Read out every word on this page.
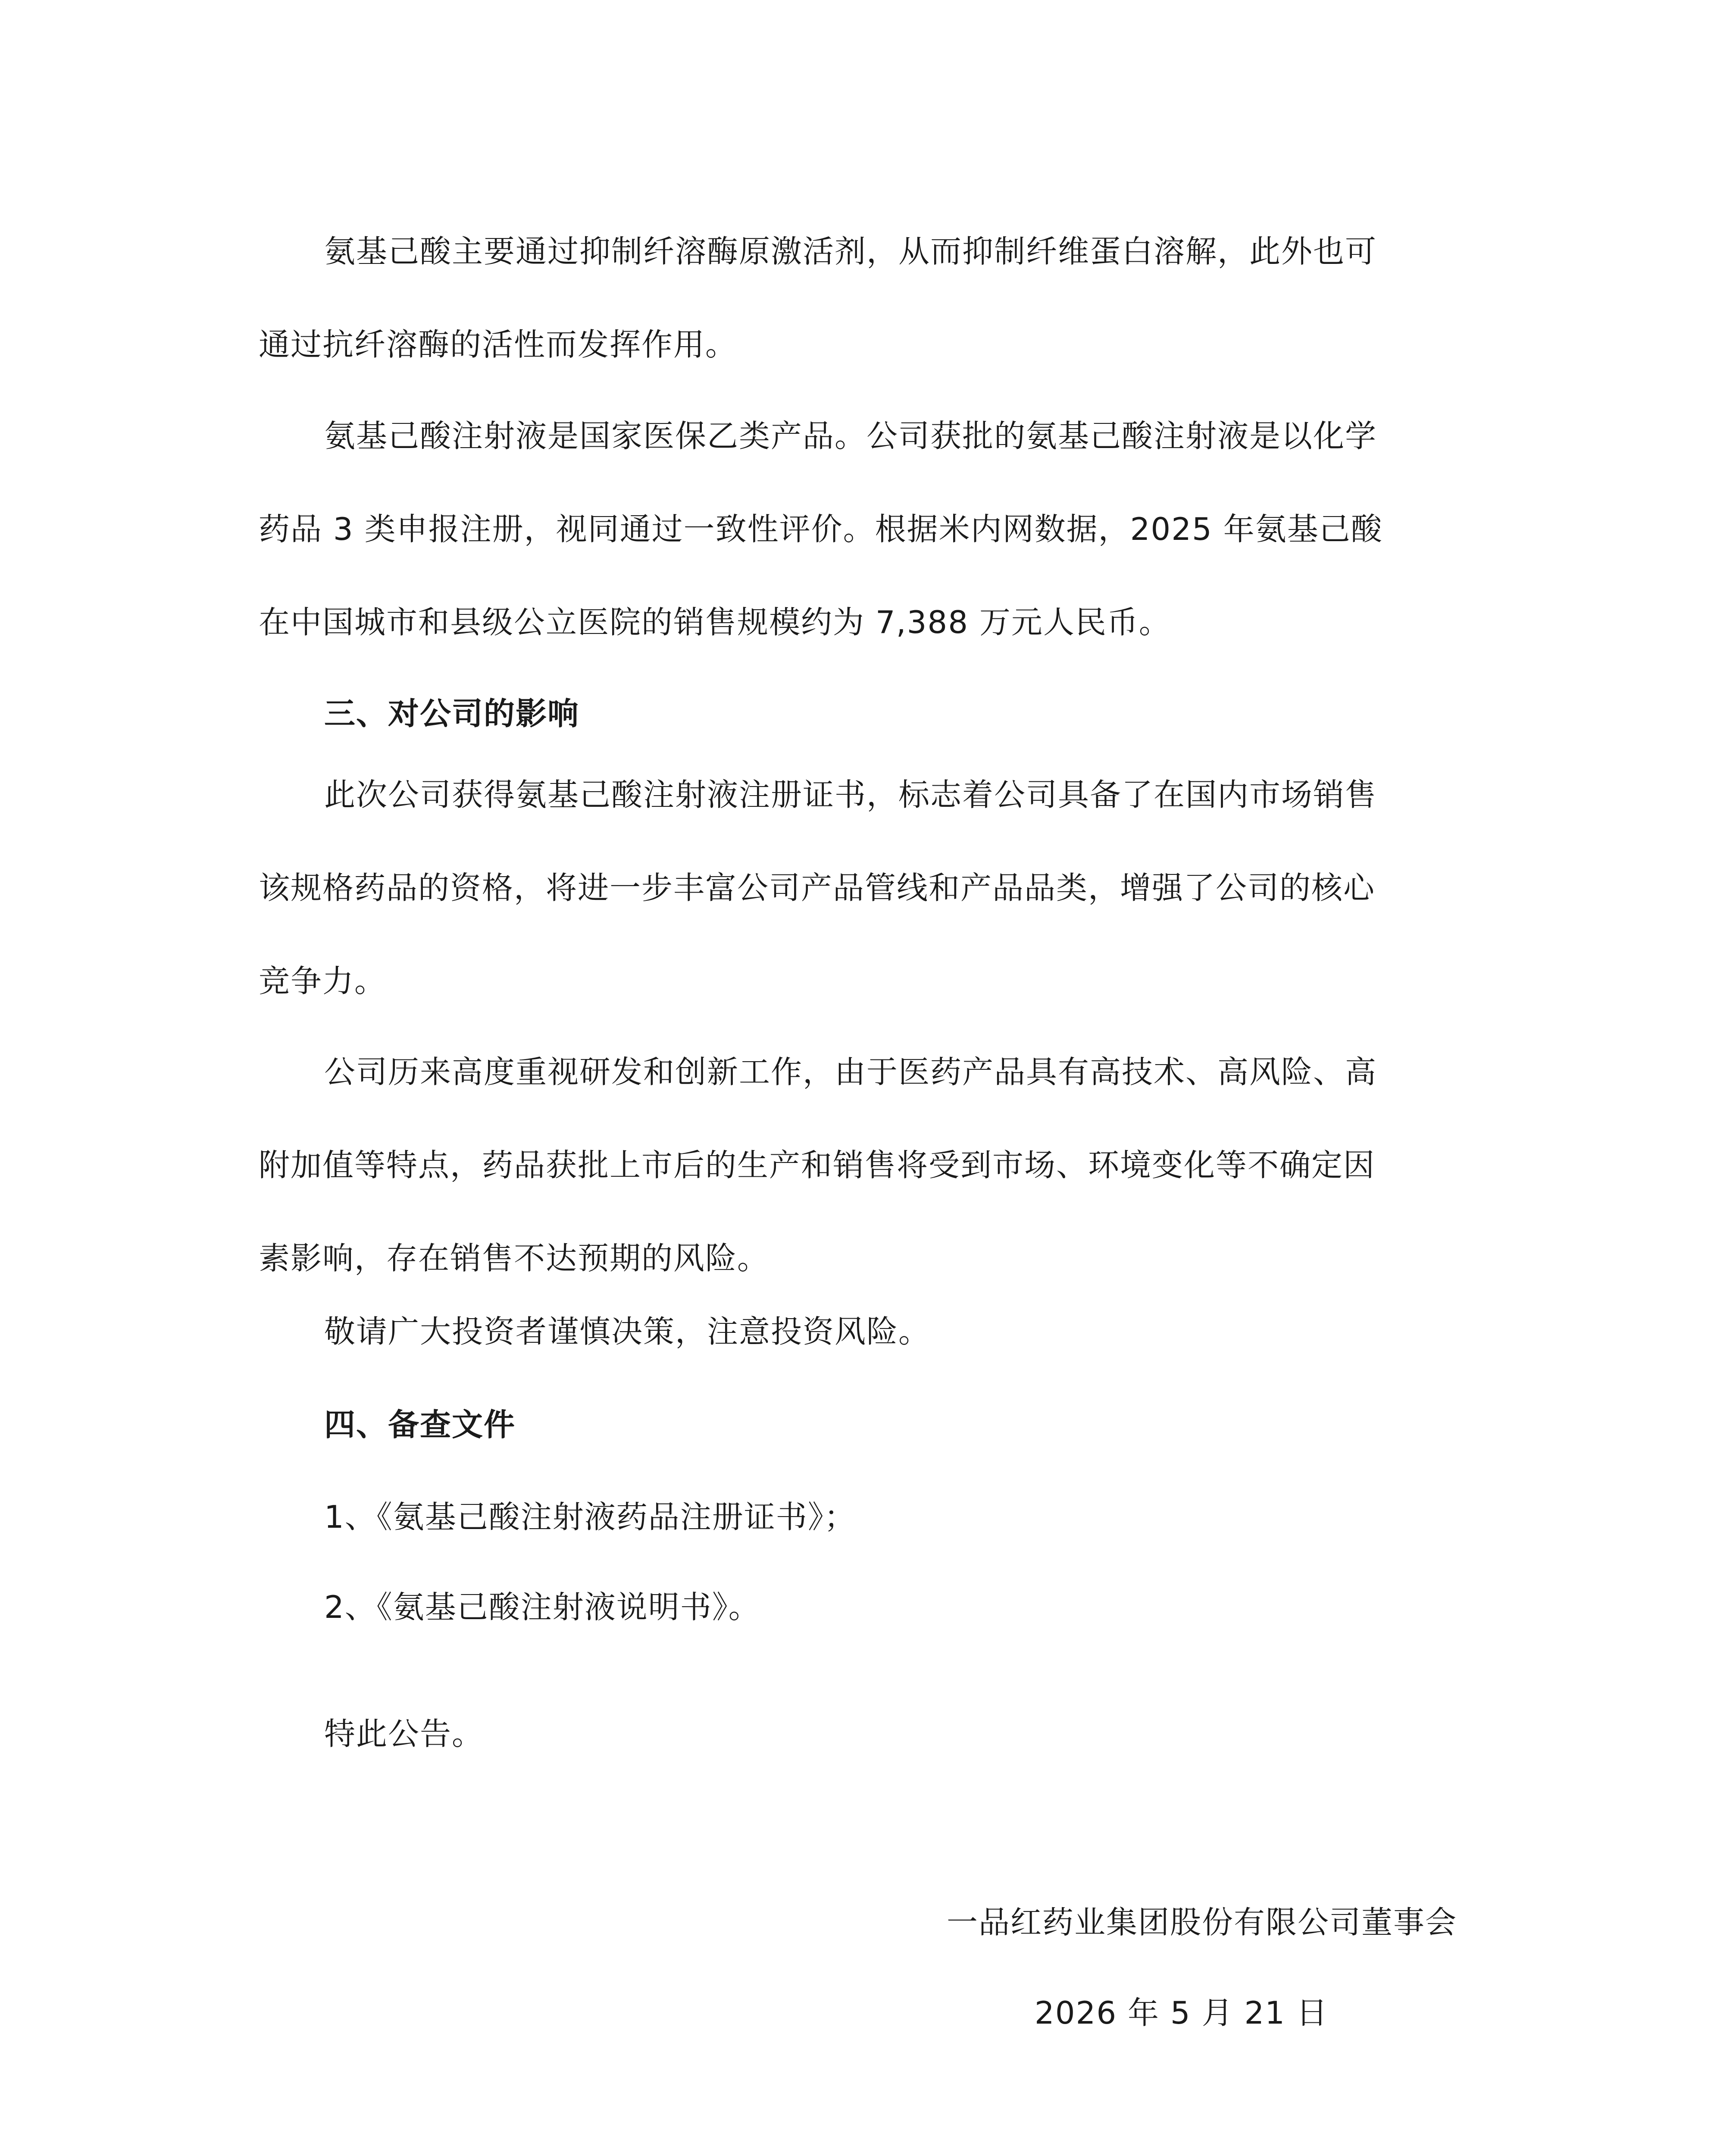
氨基己酸主要通过抑制纤溶酶原激活剂，从而抑制纤维蛋白溶解，此外也可
通过抗纤溶酶的活性而发挥作用。
氨基己酸注射液是国家医保乙类产品。公司获批的氨基己酸注射液是以化学
药品 3 类申报注册，视同通过一致性评价。根据米内网数据，2025 年氨基己酸
在中国城市和县级公立医院的销售规模约为 7,388 万元人民币。
三、对公司的影响
此次公司获得氨基己酸注射液注册证书，标志着公司具备了在国内市场销售
该规格药品的资格，将进一步丰富公司产品管线和产品品类，增强了公司的核心
竞争力。
公司历来高度重视研发和创新工作，由于医药产品具有高技术、高风险、高
附加值等特点，药品获批上市后的生产和销售将受到市场、环境变化等不确定因
素影响，存在销售不达预期的风险。
敬请广大投资者谨慎决策，注意投资风险。
四、备查文件
1、《氨基己酸注射液药品注册证书》；
2、《氨基己酸注射液说明书》。
特此公告。
一品红药业集团股份有限公司董事会
2026 年 5 月 21 日
